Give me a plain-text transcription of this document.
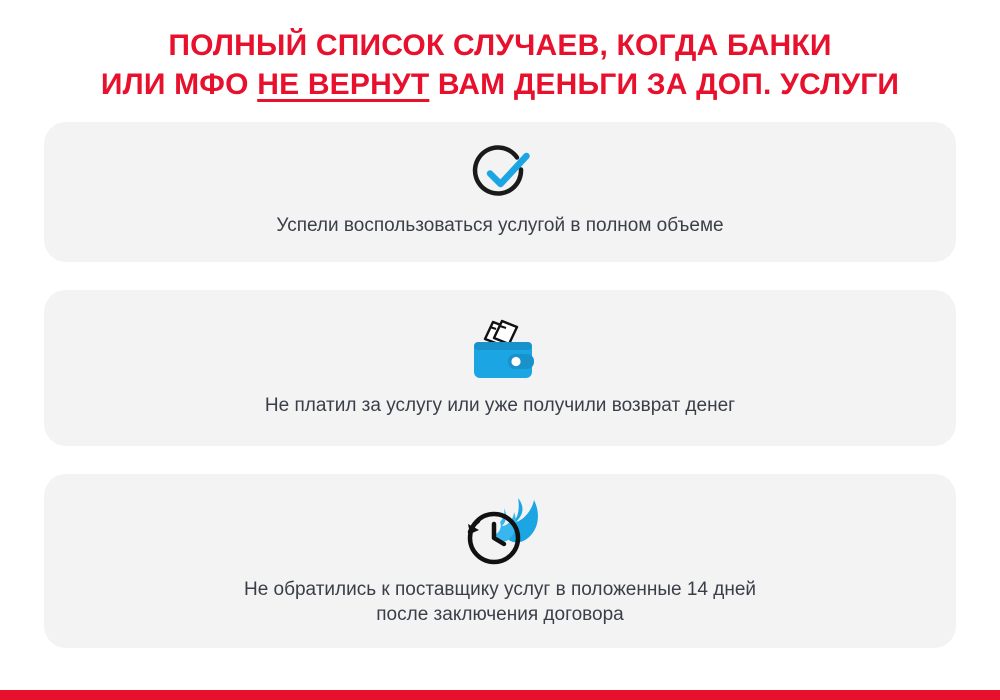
ПОЛНЫЙ СПИСОК СЛУЧАЕВ, КОГДА БАНКИ
ИЛИ МФО НЕ ВЕРНУТ ВАМ ДЕНЬГИ ЗА ДОП. УСЛУГИ
Успели воспользоваться услугой в полном объеме
Не платил за услугу или уже получили возврат денег
Не обратились к поставщику услуг в положенные 14 дней
после заключения договора
